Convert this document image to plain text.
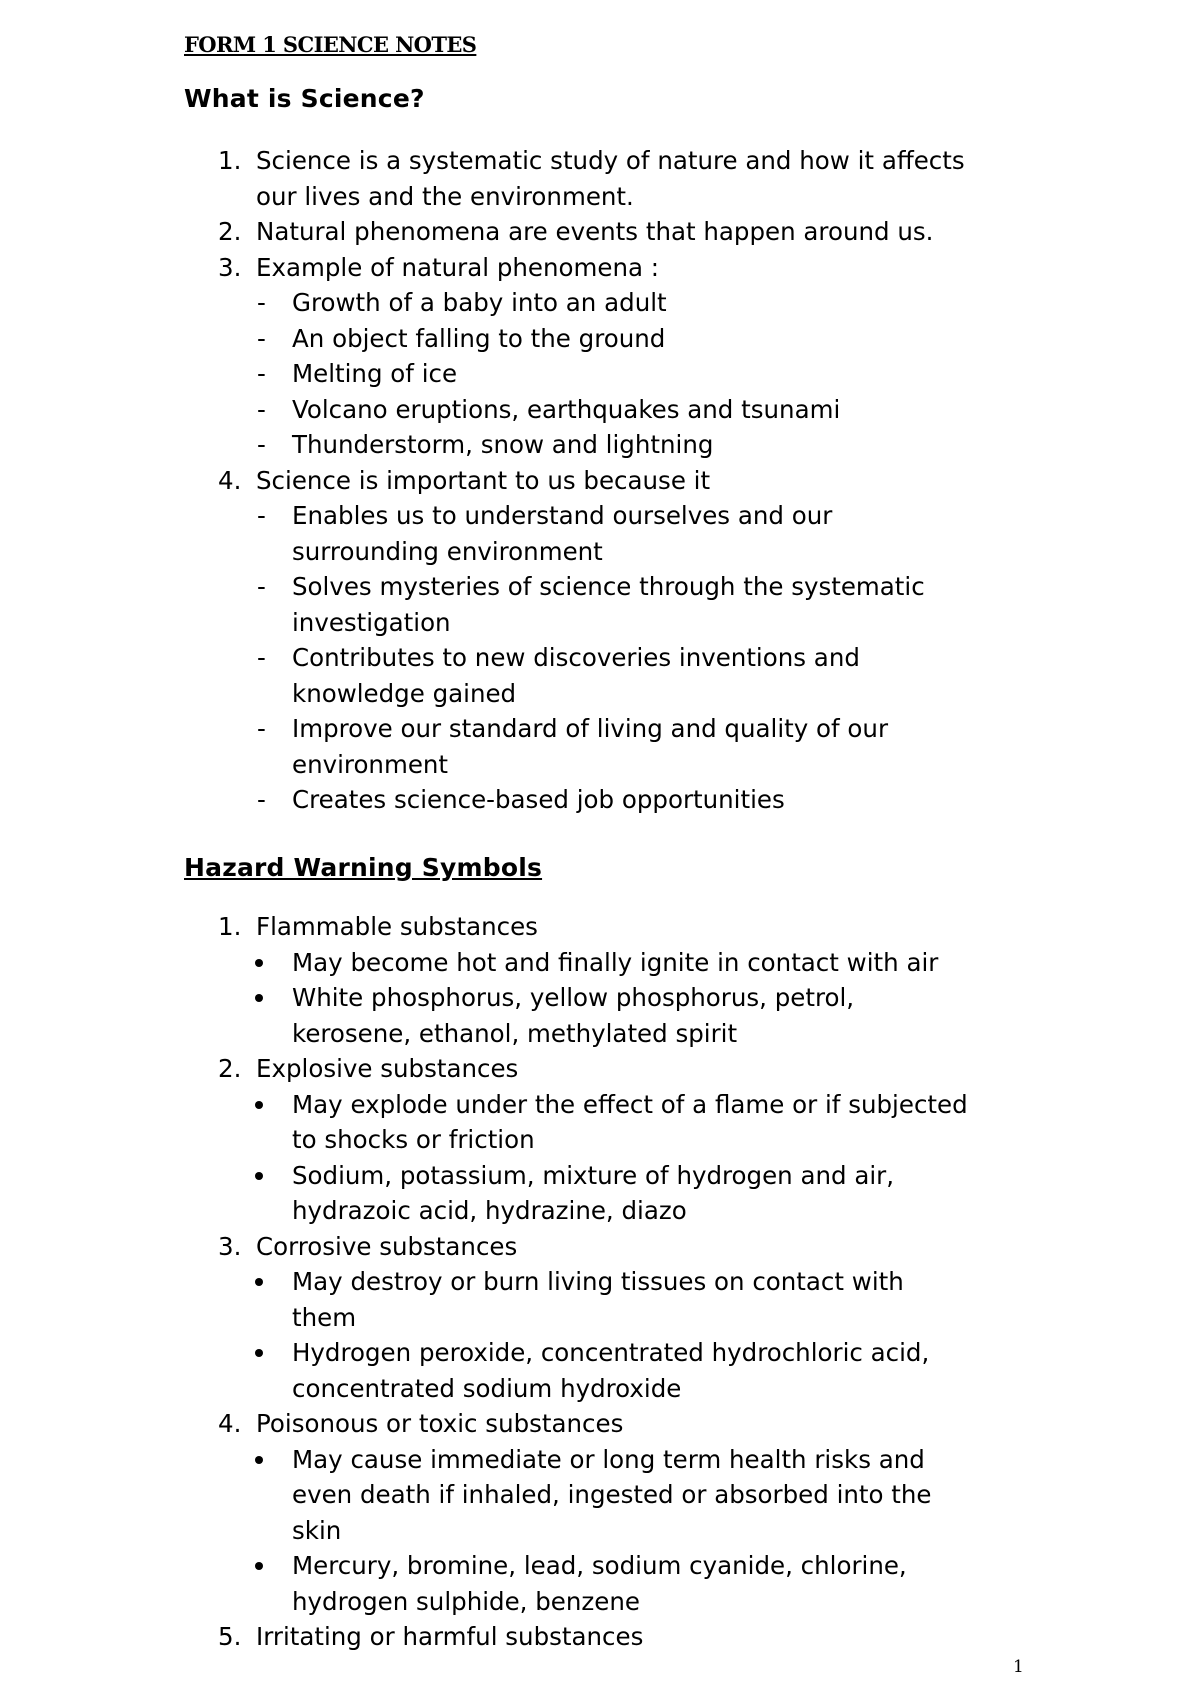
FORM 1 SCIENCE NOTES
What is Science?
1. Science is a systematic study of nature and how it affects
our lives and the environment.
2. Natural phenomena are events that happen around us.
3. Example of natural phenomena :
- Growth of a baby into an adult
- An object falling to the ground
- Melting of ice
- Volcano eruptions, earthquakes and tsunami
- Thunderstorm, snow and lightning
4. Science is important to us because it
- Enables us to understand ourselves and our
surrounding environment
- Solves mysteries of science through the systematic
investigation
- Contributes to new discoveries inventions and
knowledge gained
- Improve our standard of living and quality of our
environment
- Creates science-based job opportunities
Hazard Warning Symbols
1. Flammable substances
May become hot and finally ignite in contact with air
White phosphorus, yellow phosphorus, petrol,
kerosene, ethanol, methylated spirit
2. Explosive substances
May explode under the effect of a flame or if subjected
to shocks or friction
Sodium, potassium, mixture of hydrogen and air,
hydrazoic acid, hydrazine, diazo
3. Corrosive substances
May destroy or burn living tissues on contact with
them
Hydrogen peroxide, concentrated hydrochloric acid,
concentrated sodium hydroxide
4. Poisonous or toxic substances
May cause immediate or long term health risks and
even death if inhaled, ingested or absorbed into the
skin
Mercury, bromine, lead, sodium cyanide, chlorine,
hydrogen sulphide, benzene
5. Irritating or harmful substances
1
